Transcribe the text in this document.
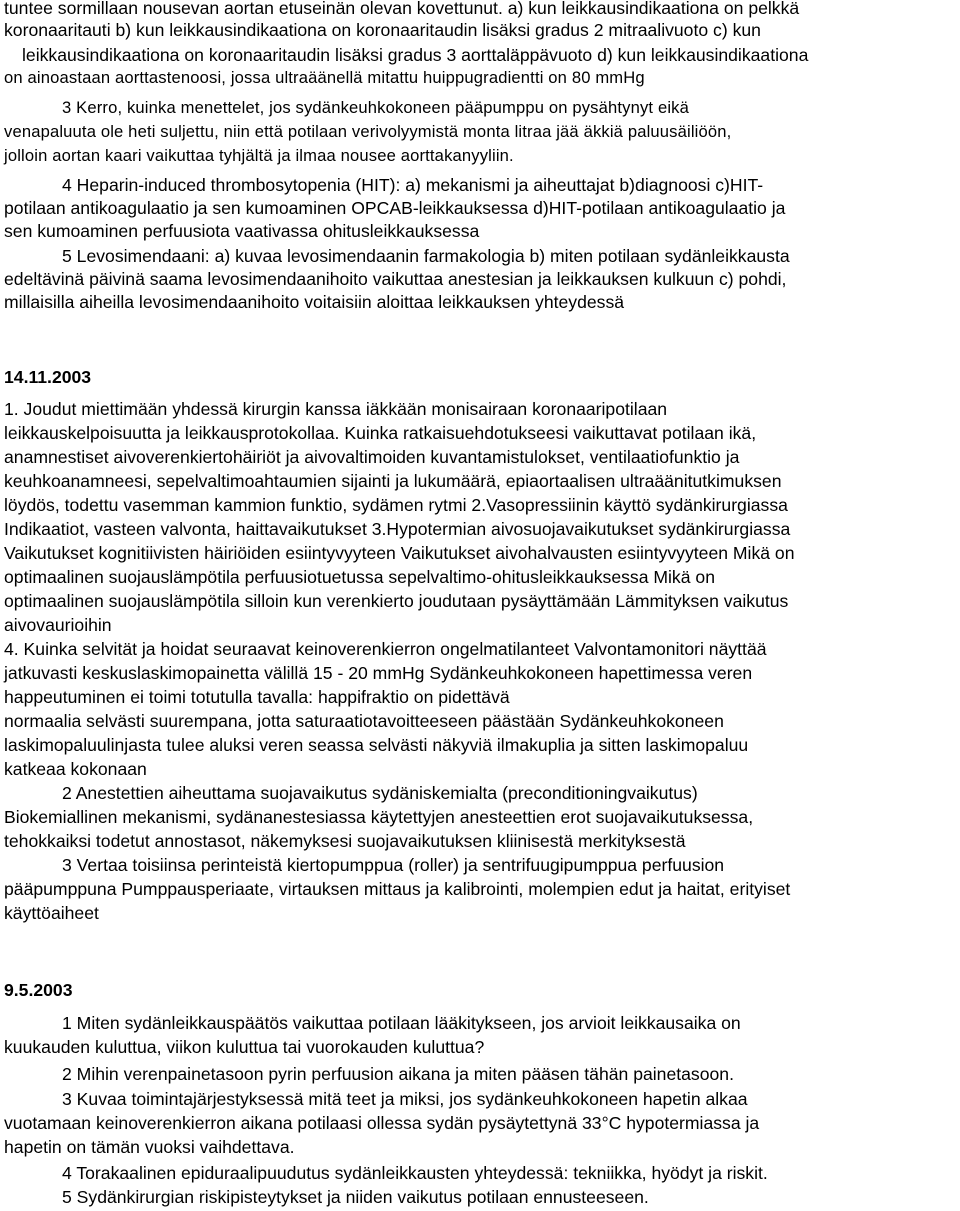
tuntee sormillaan nousevan aortan etuseinän olevan kovettunut. a) kun leikkausindikaationa on pelkkä
koronaaritauti b) kun leikkausindikaationa on koronaaritaudin lisäksi gradus 2 mitraalivuoto c) kun
leikkausindikaationa on koronaaritaudin lisäksi gradus 3 aorttaläppävuoto d) kun leikkausindikaationa
on ainoastaan aorttastenoosi, jossa ultraäänellä mitattu huippugradientti on 80 mmHg
3 Kerro, kuinka menettelet, jos sydänkeuhkokoneen pääpumppu on pysähtynyt eikä
venapaluuta ole heti suljettu, niin että potilaan verivolyymistä monta litraa jää äkkiä paluusäiliöön,
jolloin aortan kaari vaikuttaa tyhjältä ja ilmaa nousee aorttakanyyliin.
4 Heparin-induced thrombosytopenia (HIT): a) mekanismi ja aiheuttajat b)diagnoosi c)HIT-
potilaan antikoagulaatio ja sen kumoaminen OPCAB-leikkauksessa d)HIT-potilaan antikoagulaatio ja
sen kumoaminen perfuusiota vaativassa ohitusleikkauksessa
5 Levosimendaani: a) kuvaa levosimendaanin farmakologia b) miten potilaan sydänleikkausta
edeltävinä päivinä saama levosimendaanihoito vaikuttaa anestesian ja leikkauksen kulkuun c) pohdi,
millaisilla aiheilla levosimendaanihoito voitaisiin aloittaa leikkauksen yhteydessä
14.11.2003
1. Joudut miettimään yhdessä kirurgin kanssa iäkkään monisairaan koronaaripotilaan
leikkauskelpoisuutta ja leikkausprotokollaa. Kuinka ratkaisuehdotukseesi vaikuttavat potilaan ikä,
anamnestiset aivoverenkiertohäiriöt ja aivovaltimoiden kuvantamistulokset, ventilaatiofunktio ja
keuhkoanamneesi, sepelvaltimoahtaumien sijainti ja lukumäärä, epiaortaalisen ultraäänitutkimuksen
löydös, todettu vasemman kammion funktio, sydämen rytmi 2.Vasopressiinin käyttö sydänkirurgiassa
Indikaatiot, vasteen valvonta, haittavaikutukset 3.Hypotermian aivosuojavaikutukset sydänkirurgiassa
Vaikutukset kognitiivisten häiriöiden esiintyvyyteen Vaikutukset aivohalvausten esiintyvyyteen Mikä on
optimaalinen suojauslämpötila perfuusiotuetussa sepelvaltimo-ohitusleikkauksessa Mikä on
optimaalinen suojauslämpötila silloin kun verenkierto joudutaan pysäyttämään Lämmityksen vaikutus
aivovaurioihin
4. Kuinka selvität ja hoidat seuraavat keinoverenkierron ongelmatilanteet Valvontamonitori näyttää
jatkuvasti keskuslaskimopainetta välillä 15 - 20 mmHg Sydänkeuhkokoneen hapettimessa veren
happeutuminen ei toimi totutulla tavalla: happifraktio on pidettävä
normaalia selvästi suurempana, jotta saturaatiotavoitteeseen päästään Sydänkeuhkokoneen
laskimopaluulinjasta tulee aluksi veren seassa selvästi näkyviä ilmakuplia ja sitten laskimopaluu
katkeaa kokonaan
2 Anestettien aiheuttama suojavaikutus sydäniskemialta (preconditioningvaikutus)
Biokemiallinen mekanismi, sydänanestesiassa käytettyjen anesteettien erot suojavaikutuksessa,
tehokkaiksi todetut annostasot, näkemyksesi suojavaikutuksen kliinisestä merkityksestä
3 Vertaa toisiinsa perinteistä kiertopumppua (roller) ja sentrifuugipumppua perfuusion
pääpumppuna Pumppausperiaate, virtauksen mittaus ja kalibrointi, molempien edut ja haitat, erityiset
käyttöaiheet
9.5.2003
1 Miten sydänleikkauspäätös vaikuttaa potilaan lääkitykseen, jos arvioit leikkausaika on
kuukauden kuluttua, viikon kuluttua tai vuorokauden kuluttua?
2 Mihin verenpainetasoon pyrin perfuusion aikana ja miten pääsen tähän painetasoon.
3 Kuvaa toimintajärjestyksessä mitä teet ja miksi, jos sydänkeuhkokoneen hapetin alkaa
vuotamaan keinoverenkierron aikana potilaasi ollessa sydän pysäytettynä 33°C hypotermiassa ja
hapetin on tämän vuoksi vaihdettava.
4 Torakaalinen epiduraalipuudutus sydänleikkausten yhteydessä: tekniikka, hyödyt ja riskit.
5 Sydänkirurgian riskipisteytykset ja niiden vaikutus potilaan ennusteeseen.
